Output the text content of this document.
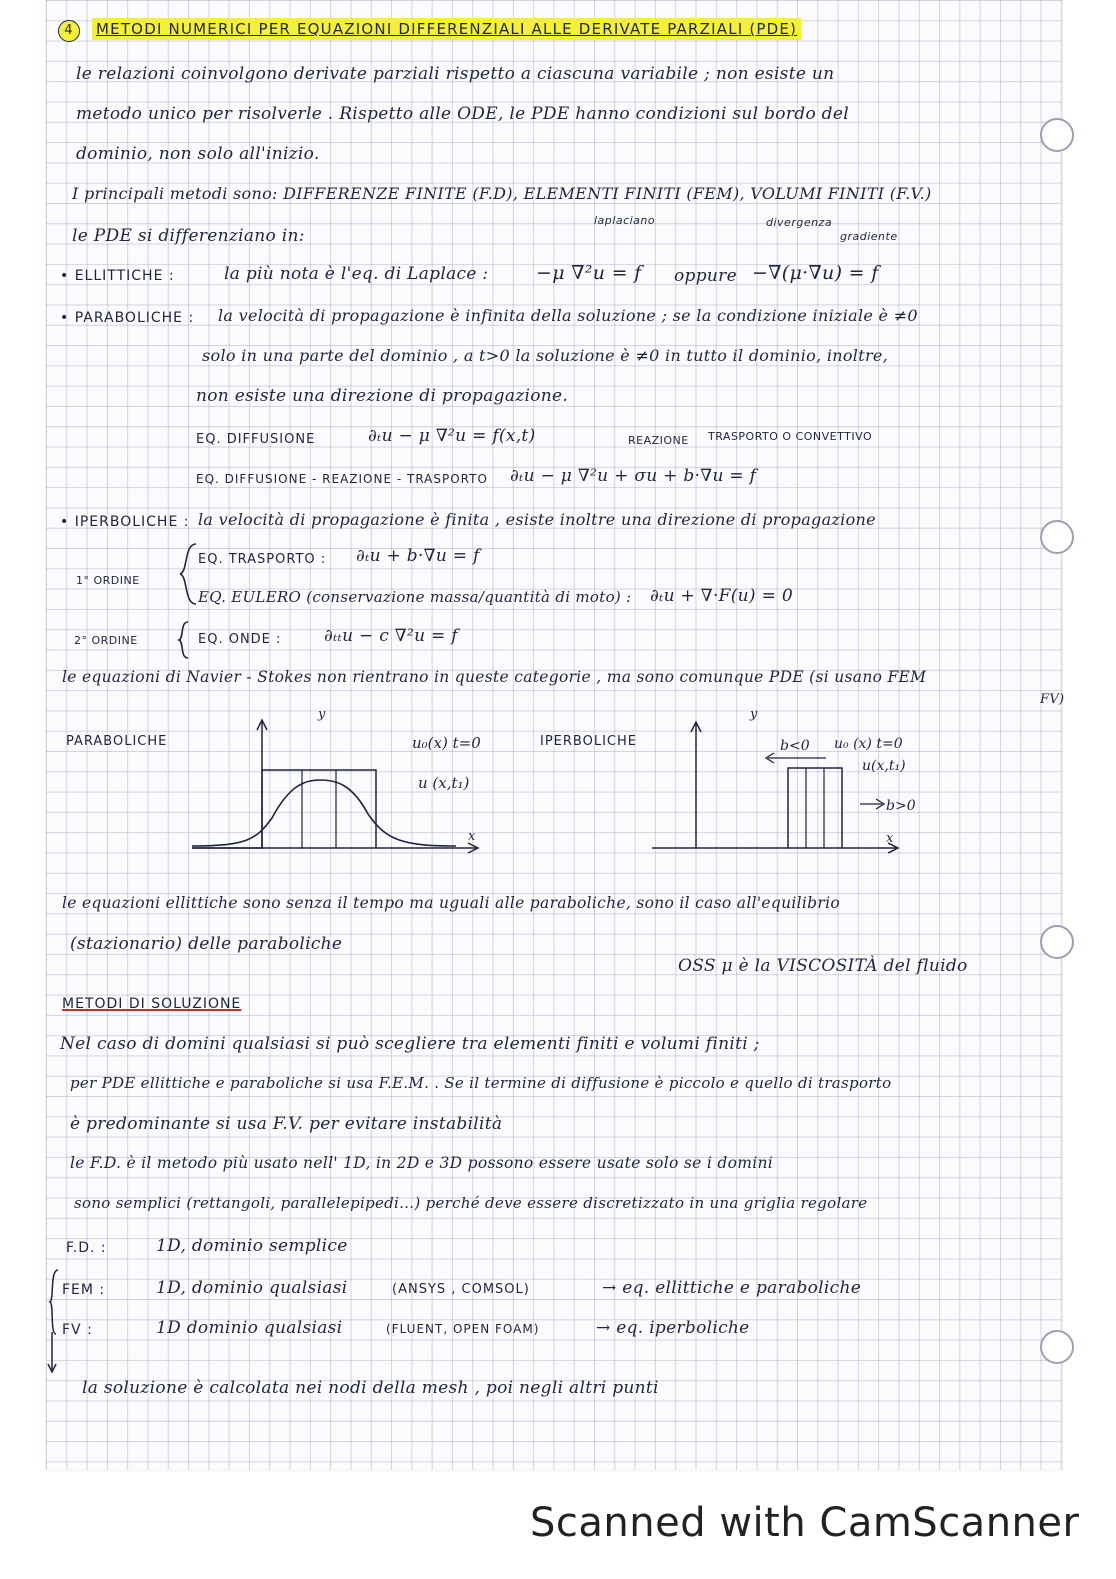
4 METODI NUMERICI PER EQUAZIONI DIFFERENZIALI ALLE DERIVATE PARZIALI (PDE)
le relazioni coinvolgono derivate parziali rispetto a ciascuna variabile ; non esiste un
metodo unico per risolverle . Rispetto alle ODE, le PDE hanno condizioni sul bordo del
dominio, non solo all'inizio.
I principali metodi sono: DIFFERENZE FINITE (F.D), ELEMENTI FINITI (FEM), VOLUMI FINITI (F.V.)
le PDE si differenziano in:
laplaciano	divergenza
gradiente
• ELLITTICHE :	la più nota è l'eq. di Laplace :	−μ ∇²u = f oppure −∇(μ·∇u) = f
• PARABOLICHE : la velocità di propagazione è infinita della soluzione ; se la condizione iniziale è ≠0
solo in una parte del dominio , a t>0 la soluzione è ≠0 in tutto il dominio, inoltre,
non esiste una direzione di propagazione.
EQ. DIFFUSIONE	∂ₜu − μ ∇²u = f(x,t)	REAZIONE TRASPORTO O CONVETTIVO
EQ. DIFFUSIONE - REAZIONE - TRASPORTO ∂ₜu − μ ∇²u + σu + b·∇u = f
• IPERBOLICHE : la velocità di propagazione è finita , esiste inoltre una direzione di propagazione
1° ORDINE
EQ. TRASPORTO : ∂ₜu + b·∇u = f
EQ. EULERO (conservazione massa/quantità di moto) : ∂ₜu + ∇·F(u) = 0
2° ORDINE	EQ. ONDE :	∂ₜₜu − c ∇²u = f
le equazioni di Navier - Stokes non rientrano in queste categorie , ma sono comunque PDE (si usano FEM
FV)
PARABOLICHE
y
x
u₀(x) t=0
u (x,t₁)
IPERBOLICHE
y
x
b<0 u₀ (x) t=0
u(x,t₁)
b>0
le equazioni ellittiche sono senza il tempo ma uguali alle paraboliche, sono il caso all'equilibrio
(stazionario) delle paraboliche
OSS μ è la VISCOSITÀ del fluido
METODI DI SOLUZIONE
Nel caso di domini qualsiasi si può scegliere tra elementi finiti e volumi finiti ;
per PDE ellittiche e paraboliche si usa F.E.M. . Se il termine di diffusione è piccolo e quello di trasporto
è predominante si usa F.V. per evitare instabilità
le F.D. è il metodo più usato nell' 1D, in 2D e 3D possono essere usate solo se i domini
sono semplici (rettangoli, parallelepipedi...) perché deve essere discretizzato in una griglia regolare
F.D. :	1D, dominio semplice
FEM :	1D, dominio qualsiasi	(ANSYS , COMSOL)	→ eq. ellittiche e paraboliche
FV :	1D dominio qualsiasi	(FLUENT, OPEN FOAM)	→ eq. iperboliche
la soluzione è calcolata nei nodi della mesh , poi negli altri punti
Scanned with CamScanner
